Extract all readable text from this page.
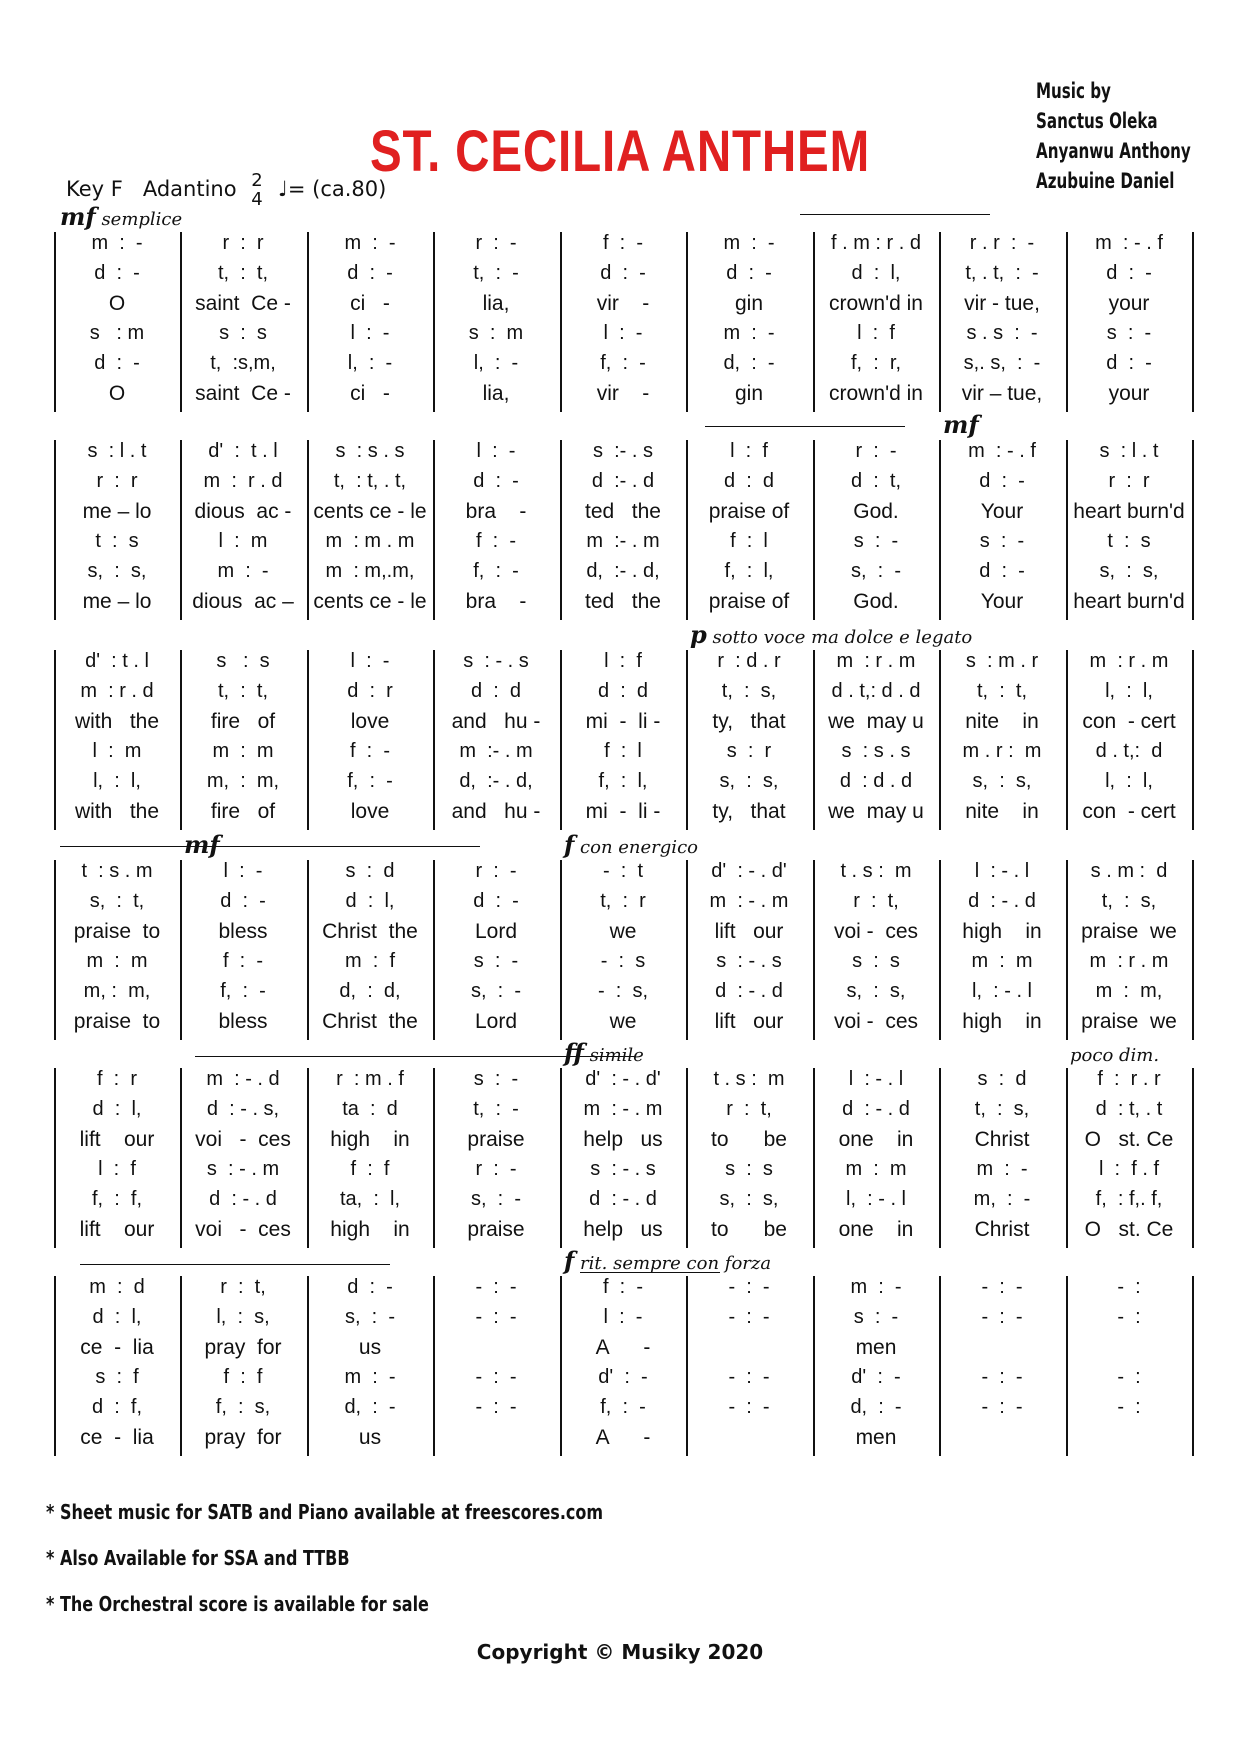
ST. CECILIA ANTHEM
Music by
Sanctus Oleka
Anyanwu Anthony
Azubuine Daniel
Key F Adantino 2
4 ♩= (ca.80)
m  :  -
d  :  -
O
s   : m
d  :  -
O
r  :  r
t,  :  t,
saint  Ce -
s  :  s
t,  :s,m,
saint  Ce -
m  :  -
d  :  -
ci   -
l  :  -
l,  :  -
ci   -
r  :  -
t,  :  -
lia,
s  :  m
l,  :  -
lia,
f  :  -
d  :  -
vir    -
l  :  -
f,  :  -
vir    -
m  :  -
d  :  -
gin
m  :  -
d,  :  -
gin
f . m : r . d
d  :  l,
crown'd in
l  :  f
f,  :  r,
crown'd in
r . r  :  -
t, . t,  :  -
vir - tue,
s . s  :  -
s,. s,  :  -
vir – tue,
m  : - . f
d  :  -
your
s  :  -
d  :  -
your
mf semplice
s  : l . t
r  :  r
me – lo
t  :  s
s,  :  s,
me – lo
d'  :  t . l
m  :  r . d
dious  ac -
l  :  m
m  :  -
dious  ac –
s  : s . s
t,  : t, . t,
cents ce - le
m  : m . m
m  : m,.m,
cents ce - le
l  :  -
d  :  -
bra    -
f  :  -
f,  :  -
bra    -
s  :- . s
d  :- . d
ted   the
m  :- . m
d,  :- . d,
ted   the
l  :  f
d  :  d
praise of
f  :  l
f,  :  l,
praise of
r  :  -
d  :  t,
God.
s  :  -
s,  :  -
God.
m  : - . f
d  :  -
Your
s  :  -
d  :  -
Your
s  : l . t
r  :  r
heart burn'd
t  :  s
s,  :  s,
heart burn'd
mf
d'  : t . l
m  : r . d
with   the
l  :  m
l,  :  l,
with   the
s   :  s
t,  :  t,
fire   of
m  :  m
m,  :  m,
fire   of
l  :  -
d  :  r
love
f  :  -
f,  :  -
love
s  : - . s
d  :  d
and   hu -
m  :- . m
d,  :- . d,
and   hu -
l  :  f
d  :  d
mi  -  li -
f  :  l
f,  :  l,
mi  -  li -
r  : d . r
t,  :  s,
ty,   that
s  :  r
s,  :  s,
ty,   that
m  : r . m
d . t,: d . d
we  may u
s  : s . s
d  : d . d
we  may u
s  : m . r
t,  :  t,
nite    in
m . r :  m
s,  :  s,
nite    in
m  : r . m
l,  :  l,
con  - cert
d . t,:  d
l,  :  l,
con  - cert
p sotto voce ma dolce e legato
t  : s . m
s,  :  t,
praise  to
m  :  m
m, :  m,
praise  to
l  :  -
d  :  -
bless
f  :  -
f,  :  -
bless
s  :  d
d  :  l,
Christ  the
m  :  f
d,  :  d,
Christ  the
r  :  -
d  :  -
Lord
s  :  -
s,  :  -
Lord
-  :  t
t,  :  r
we
-  :  s
-  :  s,
we
d'  : - . d'
m  : - . m
lift   our
s  : - . s
d  : - . d
lift   our
t . s :  m
r  :  t,
voi -  ces
s  :  s
s,  :  s,
voi -  ces
l  : - . l
d  : - . d
high    in
m  :  m
l,  : - . l
high    in
s . m :  d
t,  :  s,
praise  we
m  : r . m
m  :  m,
praise  we
mf	f con energico
f  :  r
d  :  l,
lift    our
l  :  f
f,  :  f,
lift    our
m  : - . d
d  : - . s,
voi   -  ces
s  : - . m
d  : - . d
voi   -  ces
r  : m . f
ta  :  d
high    in
f  :  f
ta,  :  l,
high    in
s  :  -
t,  :  -
praise
r  :  -
s,  :  -
praise
d'  : - . d'
m  : - . m
help   us
s  : - . s
d  : - . d
help   us
t . s :  m
r  :  t,
to      be
s  :  s
s,  :  s,
to      be
l  : - . l
d  : - . d
one    in
m  :  m
l,  : - . l
one    in
s  :  d
t,  :  s,
Christ
m  :  -
m,  :  -
Christ
f  :  r . r
d  : t, . t
O   st. Ce
l  :  f . f
f,  : f,. f,
O   st. Ce
ff simile	poco dim.
m  :  d
d  :  l,
ce  -  lia
s  :  f
d  :  f,
ce  -  lia
r  :  t,
l,  :  s,
pray  for
f  :  f
f,  :  s,
pray  for
d  :  -
s,  :  -
us
m  :  -
d,  :  -
us
-  :  -
-  :  -
-  :  -
-  :  -
f  :  -
l  :  -
A      -
d'  :  -
f,  :  -
A      -
-  :  -
-  :  -
-  :  -
-  :  -
m  :  -
s  :  -
men
d'  :  -
d,  :  -
men
-  :  -
-  :  -
-  :  -
-  :  -
-  :
-  :
-  :
-  :
f rit. sempre con forza
* Sheet music for SATB and Piano available at freescores.com
* Also Available for SSA and TTBB
* The Orchestral score is available for sale
Copyright © Musiky 2020
